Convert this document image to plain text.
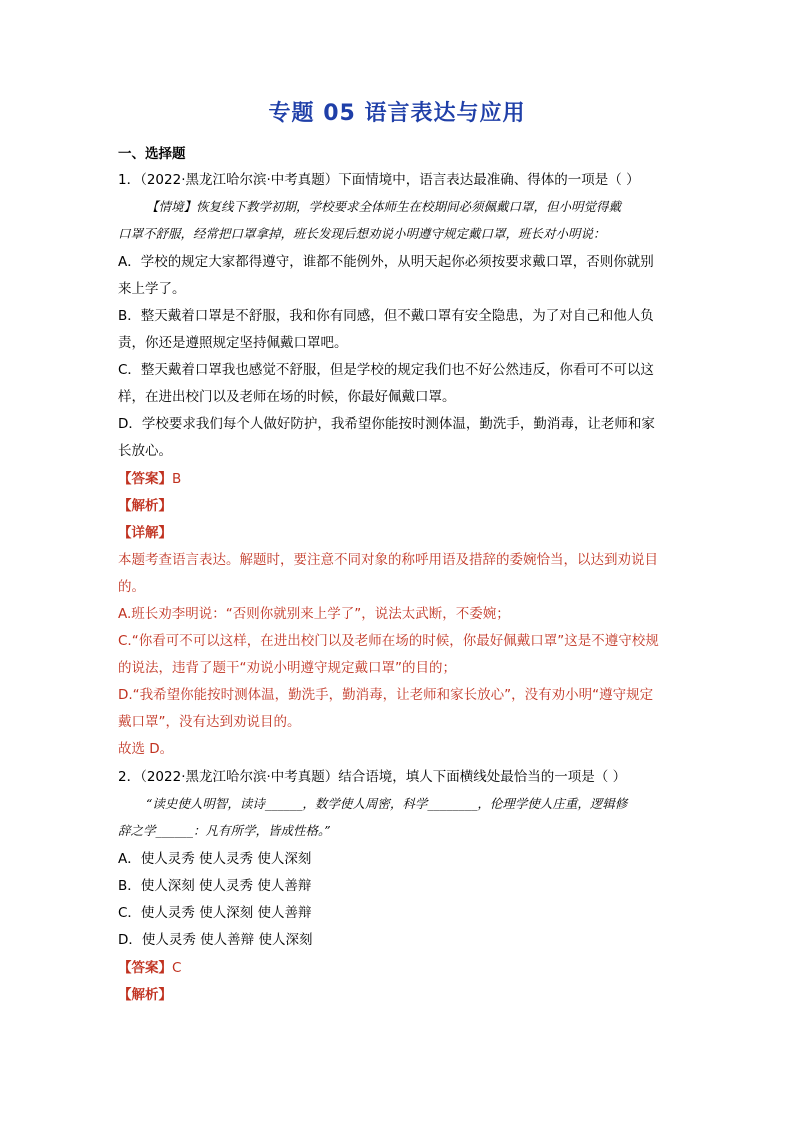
专题 05 语言表达与应用
一、选择题
1．（2022·黑龙江哈尔滨·中考真题）下面情境中，语言表达最准确、得体的一项是（ ）
【情境】恢复线下教学初期，学校要求全体师生在校期间必须佩戴口罩，但小明觉得戴
口罩不舒服，经常把口罩拿掉，班长发现后想劝说小明遵守规定戴口罩，班长对小明说：
A．学校的规定大家都得遵守，谁都不能例外，从明天起你必须按要求戴口罩，否则你就别
来上学了。
B．整天戴着口罩是不舒服，我和你有同感，但不戴口罩有安全隐患，为了对自己和他人负
责，你还是遵照规定坚持佩戴口罩吧。
C．整天戴着口罩我也感觉不舒服，但是学校的规定我们也不好公然违反，你看可不可以这
样，在进出校门以及老师在场的时候，你最好佩戴口罩。
D．学校要求我们每个人做好防护，我希望你能按时测体温，勤洗手，勤消毒，让老师和家
长放心。
【答案】B
【解析】
【详解】
本题考查语言表达。解题时，要注意不同对象的称呼用语及措辞的委婉恰当，以达到劝说目
的。
A.班长劝李明说：“否则你就别来上学了”，说法太武断，不委婉；
C.“你看可不可以这样，在进出校门以及老师在场的时候，你最好佩戴口罩”这是不遵守校规
的说法，违背了题干“劝说小明遵守规定戴口罩”的目的；
D.“我希望你能按时测体温，勤洗手，勤消毒，让老师和家长放心”，没有劝小明“遵守规定
戴口罩”，没有达到劝说目的。
故选 D。
2．（2022·黑龙江哈尔滨·中考真题）结合语境，填人下面横线处最恰当的一项是（ ）
“读史使人明智，读诗______，数学使人周密，科学________，伦理学使人庄重，逻辑修
辞之学______：凡有所学，皆成性格。”
A．使人灵秀 使人灵秀 使人深刻
B．使人深刻 使人灵秀 使人善辩
C．使人灵秀 使人深刻 使人善辩
D．使人灵秀 使人善辩 使人深刻
【答案】C
【解析】
